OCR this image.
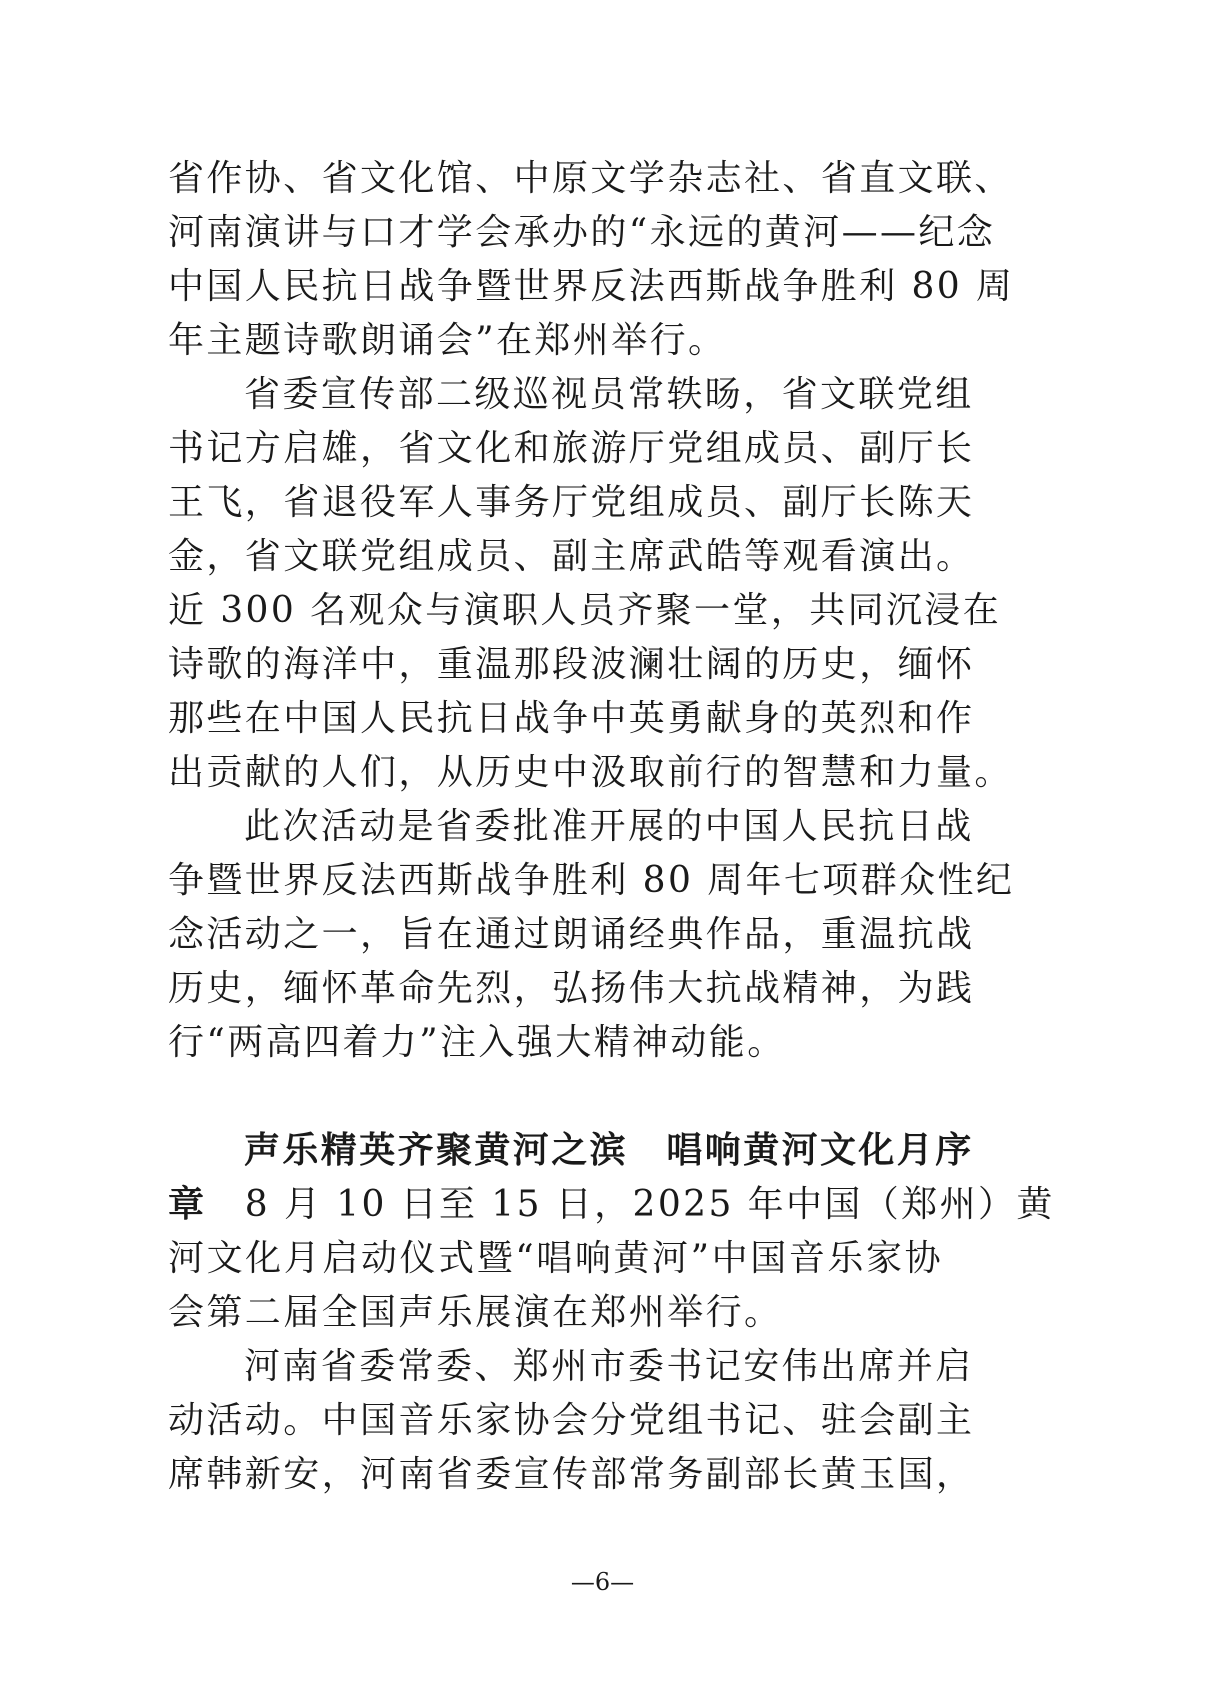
省作协、省文化馆、中原文学杂志社、省直文联、
河南演讲与口才学会承办的“永远的黄河——纪念
中国人民抗日战争暨世界反法西斯战争胜利 80 周
年主题诗歌朗诵会”在郑州举行。
省委宣传部二级巡视员常轶旸，省文联党组
书记方启雄，省文化和旅游厅党组成员、副厅长
王飞，省退役军人事务厅党组成员、副厅长陈天
金，省文联党组成员、副主席武皓等观看演出。
近 300 名观众与演职人员齐聚一堂，共同沉浸在
诗歌的海洋中，重温那段波澜壮阔的历史，缅怀
那些在中国人民抗日战争中英勇献身的英烈和作
出贡献的人们，从历史中汲取前行的智慧和力量。
此次活动是省委批准开展的中国人民抗日战
争暨世界反法西斯战争胜利 80 周年七项群众性纪
念活动之一，旨在通过朗诵经典作品，重温抗战
历史，缅怀革命先烈，弘扬伟大抗战精神，为践
行“两高四着力”注入强大精神动能。
声乐精英齐聚黄河之滨　唱响黄河文化月序
章　8 月 10 日至 15 日，2025 年中国（郑州）黄
河文化月启动仪式暨“唱响黄河”中国音乐家协
会第二届全国声乐展演在郑州举行。
河南省委常委、郑州市委书记安伟出席并启
动活动。中国音乐家协会分党组书记、驻会副主
席韩新安，河南省委宣传部常务副部长黄玉国，
—6—
